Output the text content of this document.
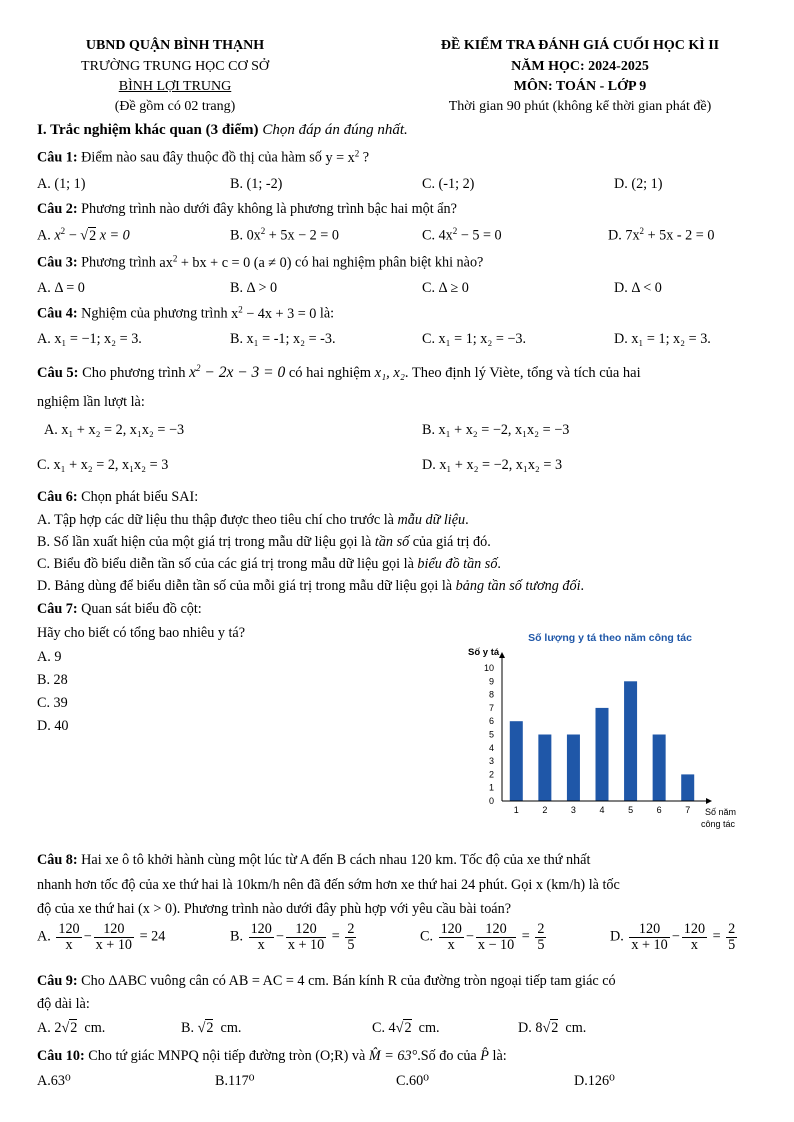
UBND QUẬN BÌNH THẠNH
TRƯỜNG TRUNG HỌC CƠ SỞ
BÌNH LỢI TRUNG
(Đề gồm có 02 trang)
ĐỀ KIỂM TRA ĐÁNH GIÁ CUỐI HỌC KÌ II
NĂM HỌC: 2024-2025
MÔN: TOÁN - LỚP 9
Thời gian 90 phút (không kể thời gian phát đề)
I. Trắc nghiệm khác quan (3 điểm) Chọn đáp án đúng nhất.
Câu 1: Điểm nào sau đây thuộc đồ thị của hàm số $y = x^2$ ?
A. (1; 1)	B. (1; -2)	C. (-1; 2)	D. (2; 1)
Câu 2: Phương trình nào dưới đây không là phương trình bậc hai một ẩn?
A. $x^2 - √2$ x = 0	B. $0x^2 + 5x - 2 = 0$	C. $4x^2 - 5 = 0$	D. $7x^2 + 5x - 2 = 0$
Câu 3: Phương trình $ax^2$ + bx + c = 0 (a ≠ 0) có hai nghiệm phân biệt khi nào?
A. Δ = 0	B. Δ > 0	C. Δ ≥ 0	D. Δ < 0
Câu 4: Nghiệm của phương trình $x^2 - 4x + 3 = 0$ là:
A. x₁ = −1; x₂ = 3.	B. x₁ = -1; x₂ = -3.	C. x₁ = 1; x₂ = −3.	D. x₁ = 1; x₂ = 3.
Câu 5: Cho phương trình $x^2 - 2x - 3 = 0$ có hai nghiệm x₁, x₂. Theo định lý Viète, tổng và tích của hai
nghiệm lần lượt là:
A. x₁ + x₂ = 2, x₁x₂ = −3	B. x₁ + x₂ = −2, x₁x₂ = −3
C. x₁ + x₂ = 2, x₁x₂ = 3	D. x₁ + x₂ = −2, x₁x₂ = 3
Câu 6: Chọn phát biểu SAI:
A. Tập hợp các dữ liệu thu thập được theo tiêu chí cho trước là mẫu dữ liệu.
B. Số lần xuất hiện của một giá trị trong mẫu dữ liệu gọi là tần số của giá trị đó.
C. Biểu đồ biểu diễn tần số của các giá trị trong mẫu dữ liệu gọi là biểu đồ tần số.
D. Bảng dùng để biểu diễn tần số của mỗi giá trị trong mẫu dữ liệu gọi là bảng tần số tương đối.
Câu 7: Quan sát biểu đồ cột:
Hãy cho biết có tổng bao nhiêu y tá?
A. 9
B. 28
C. 39
D. 40
Số lượng y tá theo năm công tác
Số y tá
Số năm
công tác
0
1
2
3
4
5
6
7
8
9
10
1	2	3	4	5	6	7
Câu 8: Hai xe ô tô khởi hành cùng một lúc từ A đến B cách nhau 120 km. Tốc độ của xe thứ nhất
nhanh hơn tốc độ của xe thứ hai là 10km/h nên đã đến sớm hơn xe thứ hai 24 phút. Gọi x (km/h) là tốc
độ của xe thứ hai (x > 0). Phương trình nào dưới đây phù hợp với yêu cầu bài toán?
A. $\frac{120}{x} - \frac{120}{x + 10} = 24$	B. $\frac{120}{x} - \frac{120}{x + 10} = \frac{2}{5}$	C. $\frac{120}{x} - \frac{120}{x - 10} = \frac{2}{5}$	D. $\frac{120}{x + 10} - \frac{120}{x} = \frac{2}{5}$
Câu 9: Cho ΔABC vuông cân có AB = AC = 4 cm. Bán kính R của đường tròn ngoại tiếp tam giác có
độ dài là:
A. 2√2  cm.	B. √2  cm.	C. 4√2  cm.	D. 8√2  cm.
Câu 10: Cho tứ giác MNPQ nội tiếp đường tròn (O;R) và M̂ = 63°.Số đo của P̂ là:
A.63⁰	B.117⁰	C.60⁰	D.126⁰
